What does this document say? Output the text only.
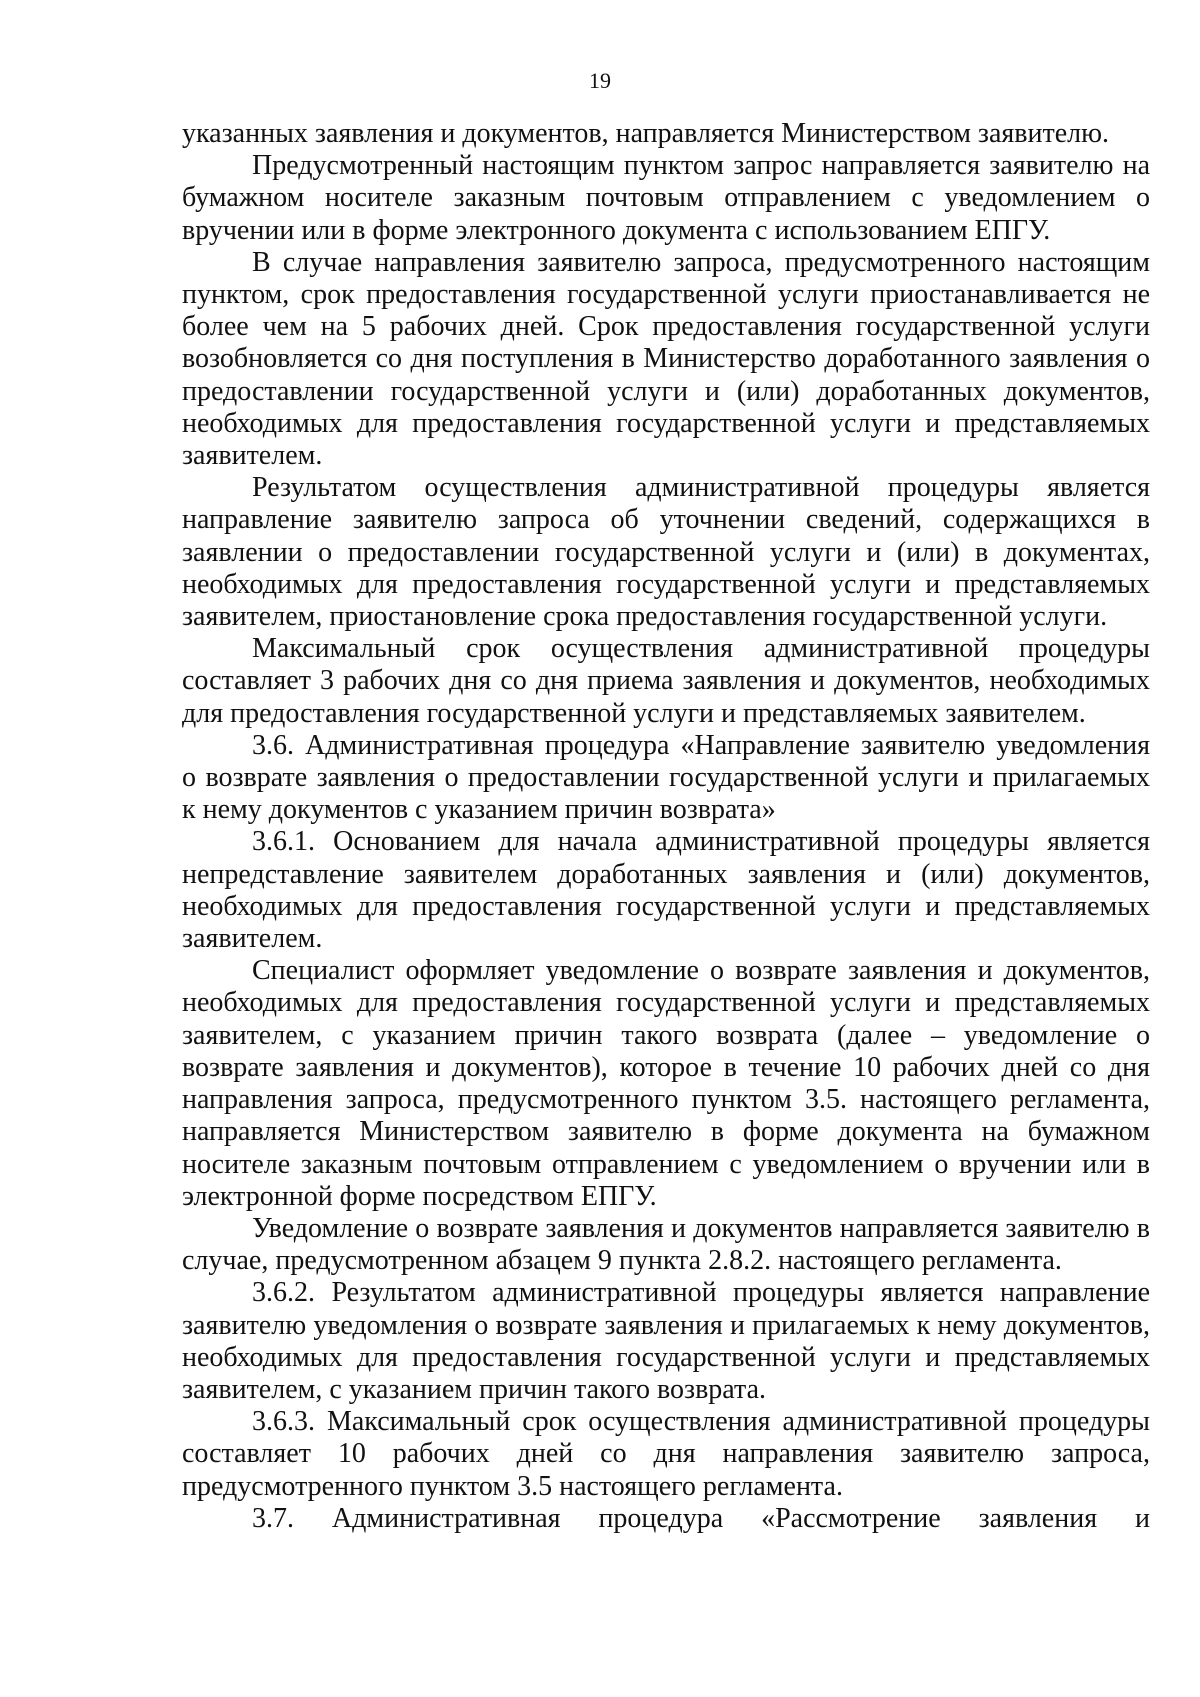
19

указанных заявления и документов, направляется Министерством заявителю.

Предусмотренный настоящим пунктом запрос направляется заявителю на бумажном носителе заказным почтовым отправлением с уведомлением о вручении или в форме электронного документа с использованием ЕПГУ.

В случае направления заявителю запроса, предусмотренного настоящим пунктом, срок предоставления государственной услуги приостанавливается не более чем на 5 рабочих дней. Срок предоставления государственной услуги возобновляется со дня поступления в Министерство доработанного заявления о предоставлении государственной услуги и (или) доработанных документов, необходимых для предоставления государственной услуги и представляемых заявителем.

Результатом осуществления административной процедуры является направление заявителю запроса об уточнении сведений, содержащихся в заявлении о предоставлении государственной услуги и (или) в документах, необходимых для предоставления государственной услуги и представляемых заявителем, приостановление срока предоставления государственной услуги.

Максимальный срок осуществления административной процедуры составляет 3 рабочих дня со дня приема заявления и документов, необходимых для предоставления государственной услуги и представляемых заявителем.

3.6. Административная процедура «Направление заявителю уведомления о возврате заявления о предоставлении государственной услуги и прилагаемых к нему документов с указанием причин возврата»

3.6.1. Основанием для начала административной процедуры является непредставление заявителем доработанных заявления и (или) документов, необходимых для предоставления государственной услуги и представляемых заявителем.

Специалист оформляет уведомление о возврате заявления и документов, необходимых для предоставления государственной услуги и представляемых заявителем, с указанием причин такого возврата (далее – уведомление о возврате заявления и документов), которое в течение 10 рабочих дней со дня направления запроса, предусмотренного пунктом 3.5. настоящего регламента, направляется Министерством заявителю в форме документа на бумажном носителе заказным почтовым отправлением с уведомлением о вручении или в электронной форме посредством ЕПГУ.

Уведомление о возврате заявления и документов направляется заявителю в случае, предусмотренном абзацем 9 пункта 2.8.2. настоящего регламента.

3.6.2. Результатом административной процедуры является направление заявителю уведомления о возврате заявления и прилагаемых к нему документов, необходимых для предоставления государственной услуги и представляемых заявителем, с указанием причин такого возврата.

3.6.3. Максимальный срок осуществления административной процедуры составляет 10 рабочих дней со дня направления заявителю запроса, предусмотренного пунктом 3.5 настоящего регламента.

3.7. Административная процедура «Рассмотрение заявления и
